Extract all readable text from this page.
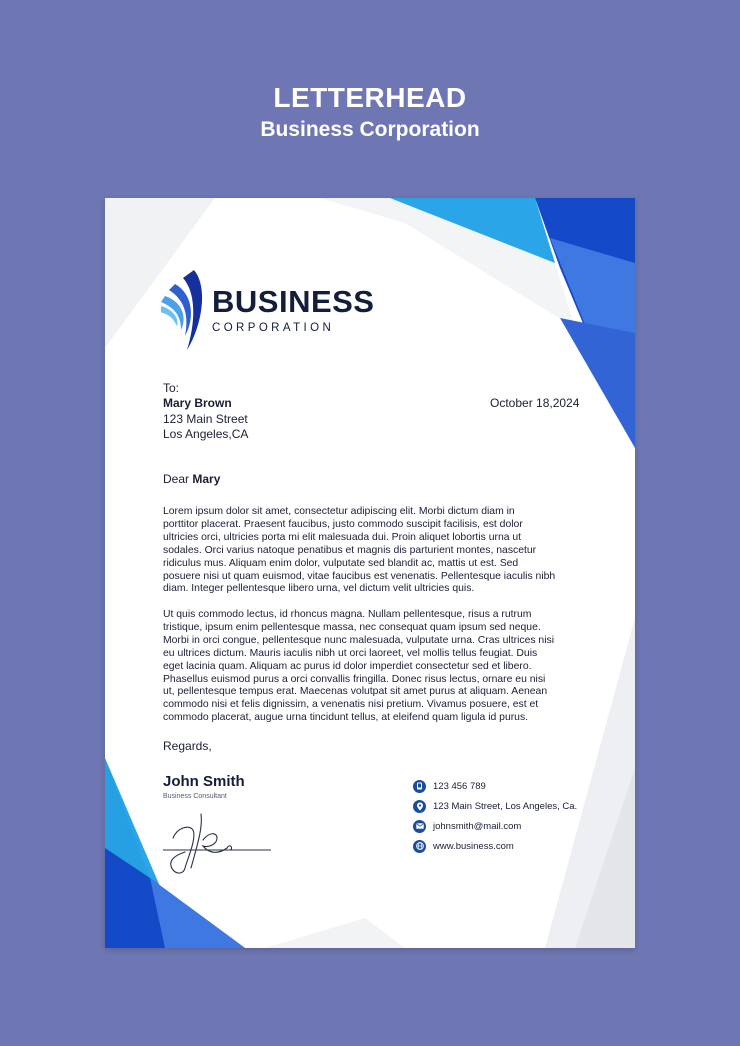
LETTERHEAD
Business Corporation
BUSINESS
CORPORATION
To:
Mary Brown
123 Main Street
Los Angeles,CA
October 18,2024
Dear Mary
Lorem ipsum dolor sit amet, consectetur adipiscing elit. Morbi dictum diam in
porttitor placerat. Praesent faucibus, justo commodo suscipit facilisis, est dolor
ultricies orci, ultricies porta mi elit malesuada dui. Proin aliquet lobortis urna ut
sodales. Orci varius natoque penatibus et magnis dis parturient montes, nascetur
ridiculus mus. Aliquam enim dolor, vulputate sed blandit ac, mattis ut est. Sed
posuere nisi ut quam euismod, vitae faucibus est venenatis. Pellentesque iaculis nibh
diam. Integer pellentesque libero urna, vel dictum velit ultricies quis.
Ut quis commodo lectus, id rhoncus magna. Nullam pellentesque, risus a rutrum
tristique, ipsum enim pellentesque massa, nec consequat quam ipsum sed neque.
Morbi in orci congue, pellentesque nunc malesuada, vulputate urna. Cras ultrices nisi
eu ultrices dictum. Mauris iaculis nibh ut orci laoreet, vel mollis tellus feugiat. Duis
eget lacinia quam. Aliquam ac purus id dolor imperdiet consectetur sed et libero.
Phasellus euismod purus a orci convallis fringilla. Donec risus lectus, ornare eu nisi
ut, pellentesque tempus erat. Maecenas volutpat sit amet purus at aliquam. Aenean
commodo nisi et felis dignissim, a venenatis nisi pretium. Vivamus posuere, est et
commodo placerat, augue urna tincidunt tellus, at eleifend quam ligula id purus.
Regards,
John Smith
Business Consultant
123 456 789
123 Main Street, Los Angeles, Ca.
johnsmith@mail.com
www.business.com
